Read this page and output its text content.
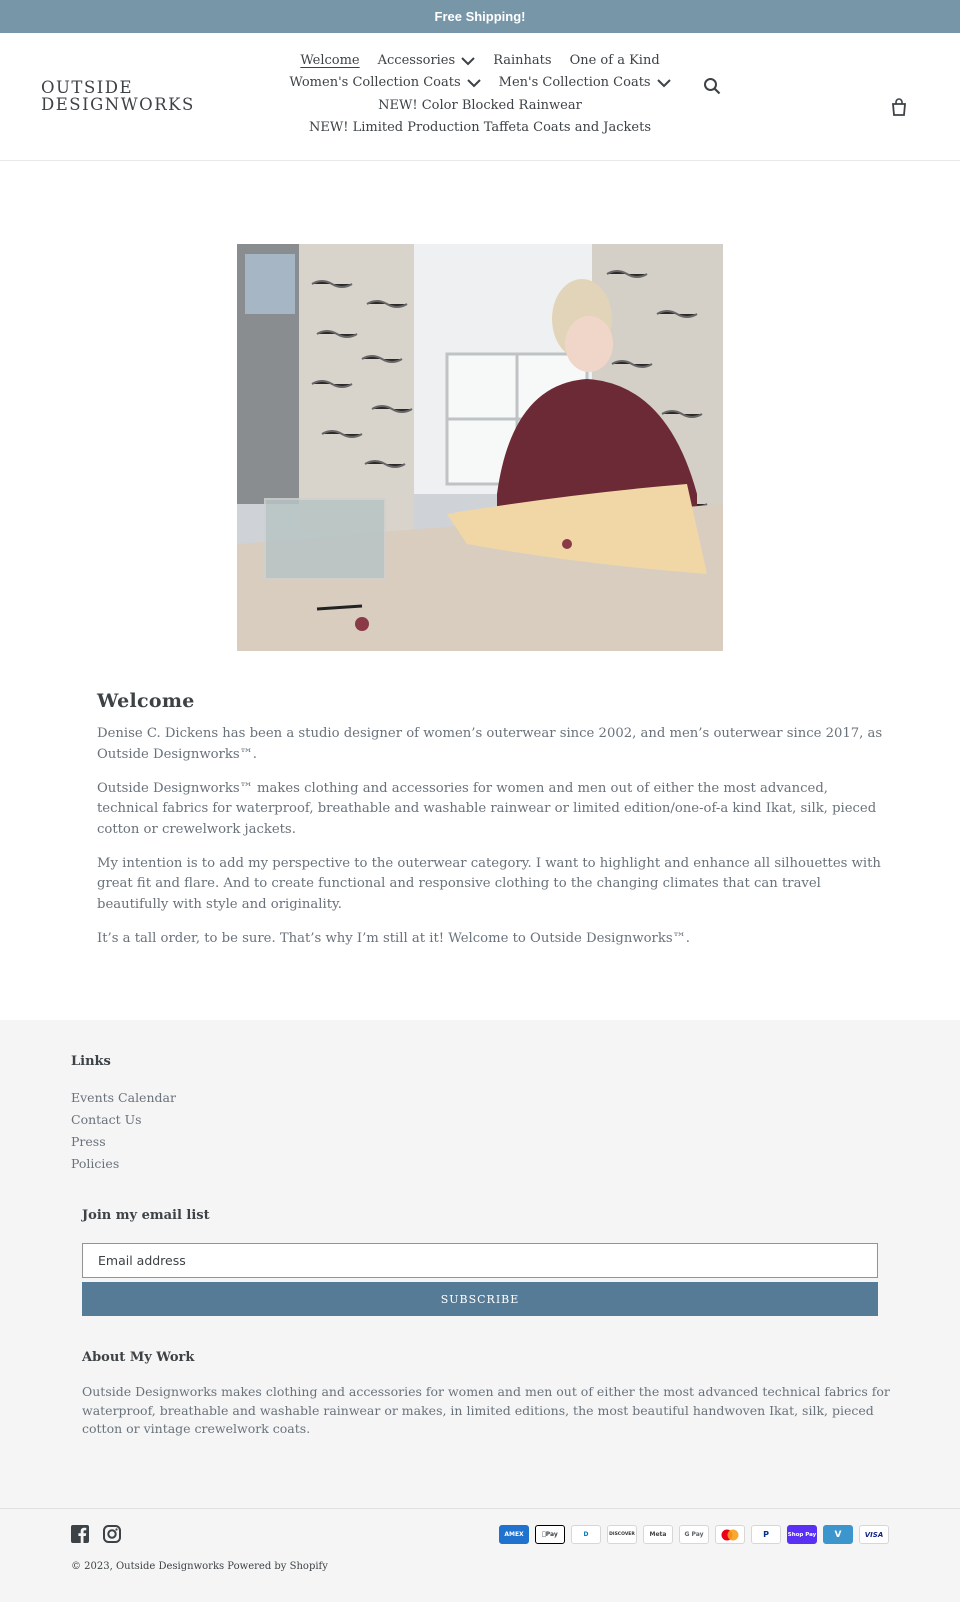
Free Shipping!
OUTSIDE DESIGNWORKS
Welcome Accessories	Rainhats One of a Kind
Women's Collection Coats	Men's Collection Coats
NEW! Color Blocked Rainwear
NEW! Limited Production Taffeta Coats and Jackets
Welcome

Denise C. Dickens has been a studio designer of women’s outerwear since 2002, and men’s outerwear since 2017, as Outside Designworks™.

Outside Designworks™ makes clothing and accessories for women and men out of either the most advanced, technical fabrics for waterproof, breathable and washable rainwear or limited edition/one-of-a kind Ikat, silk, pieced cotton or crewelwork jackets.

My intention is to add my perspective to the outerwear category. I want to highlight and enhance all silhouettes with great fit and flare. And to create functional and responsive clothing to the changing climates that can travel beautifully with style and originality.

It’s a tall order, to be sure. That’s why I’m still at it! Welcome to Outside Designworks™.

Links
Events Calendar
Contact Us
Press
Policies
Join my email list
Email address
SUBSCRIBE
About My Work

Outside Designworks makes clothing and accessories for women and men out of either the most advanced technical fabrics for waterproof, breathable and washable rainwear or makes, in limited editions, the most beautiful handwoven Ikat, silk, pieced cotton or vintage crewelwork coats.

AMEX	Pay	D	DISCOVER Meta	G Pay	P	Shop Pay V	VISA
© 2023, Outside Designworks Powered by Shopify
